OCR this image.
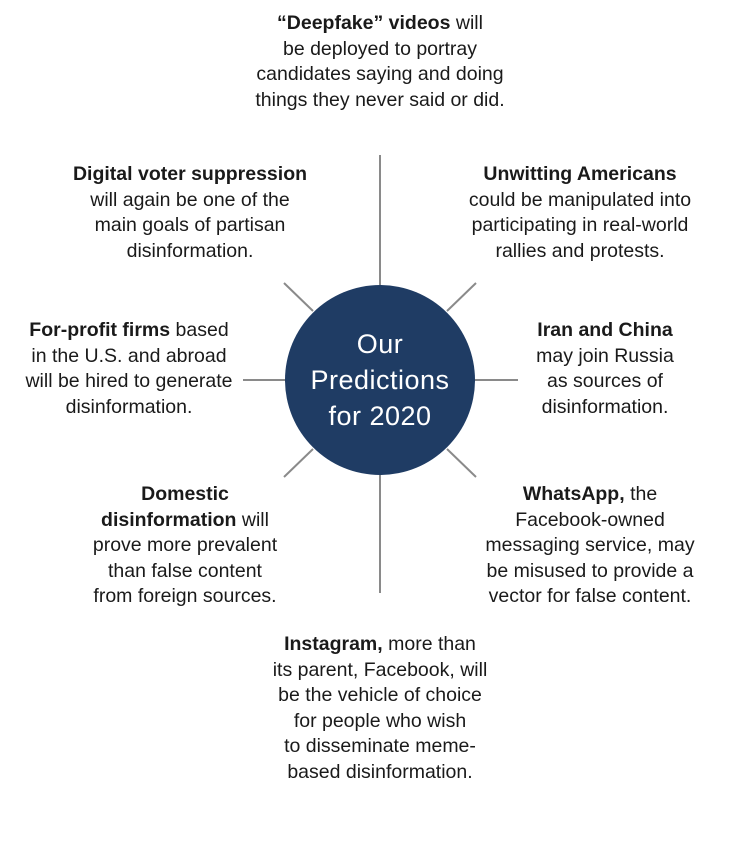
Our
Predictions
for 2020
“Deepfake” videos will
be deployed to portray
candidates saying and doing
things they never said or did.
Unwitting Americans
could be manipulated into
participating in real-world
rallies and protests.
Iran and China
may join Russia
as sources of
disinformation.
WhatsApp, the
Facebook-owned
messaging service, may
be misused to provide a
vector for false content.
Instagram, more than
its parent, Facebook, will
be the vehicle of choice
for people who wish
to disseminate meme-
based disinformation.
Domestic
disinformation will
prove more prevalent
than false content
from foreign sources.
For-profit firms based
in the U.S. and abroad
will be hired to generate
disinformation.
Digital voter suppression
will again be one of the
main goals of partisan
disinformation.
